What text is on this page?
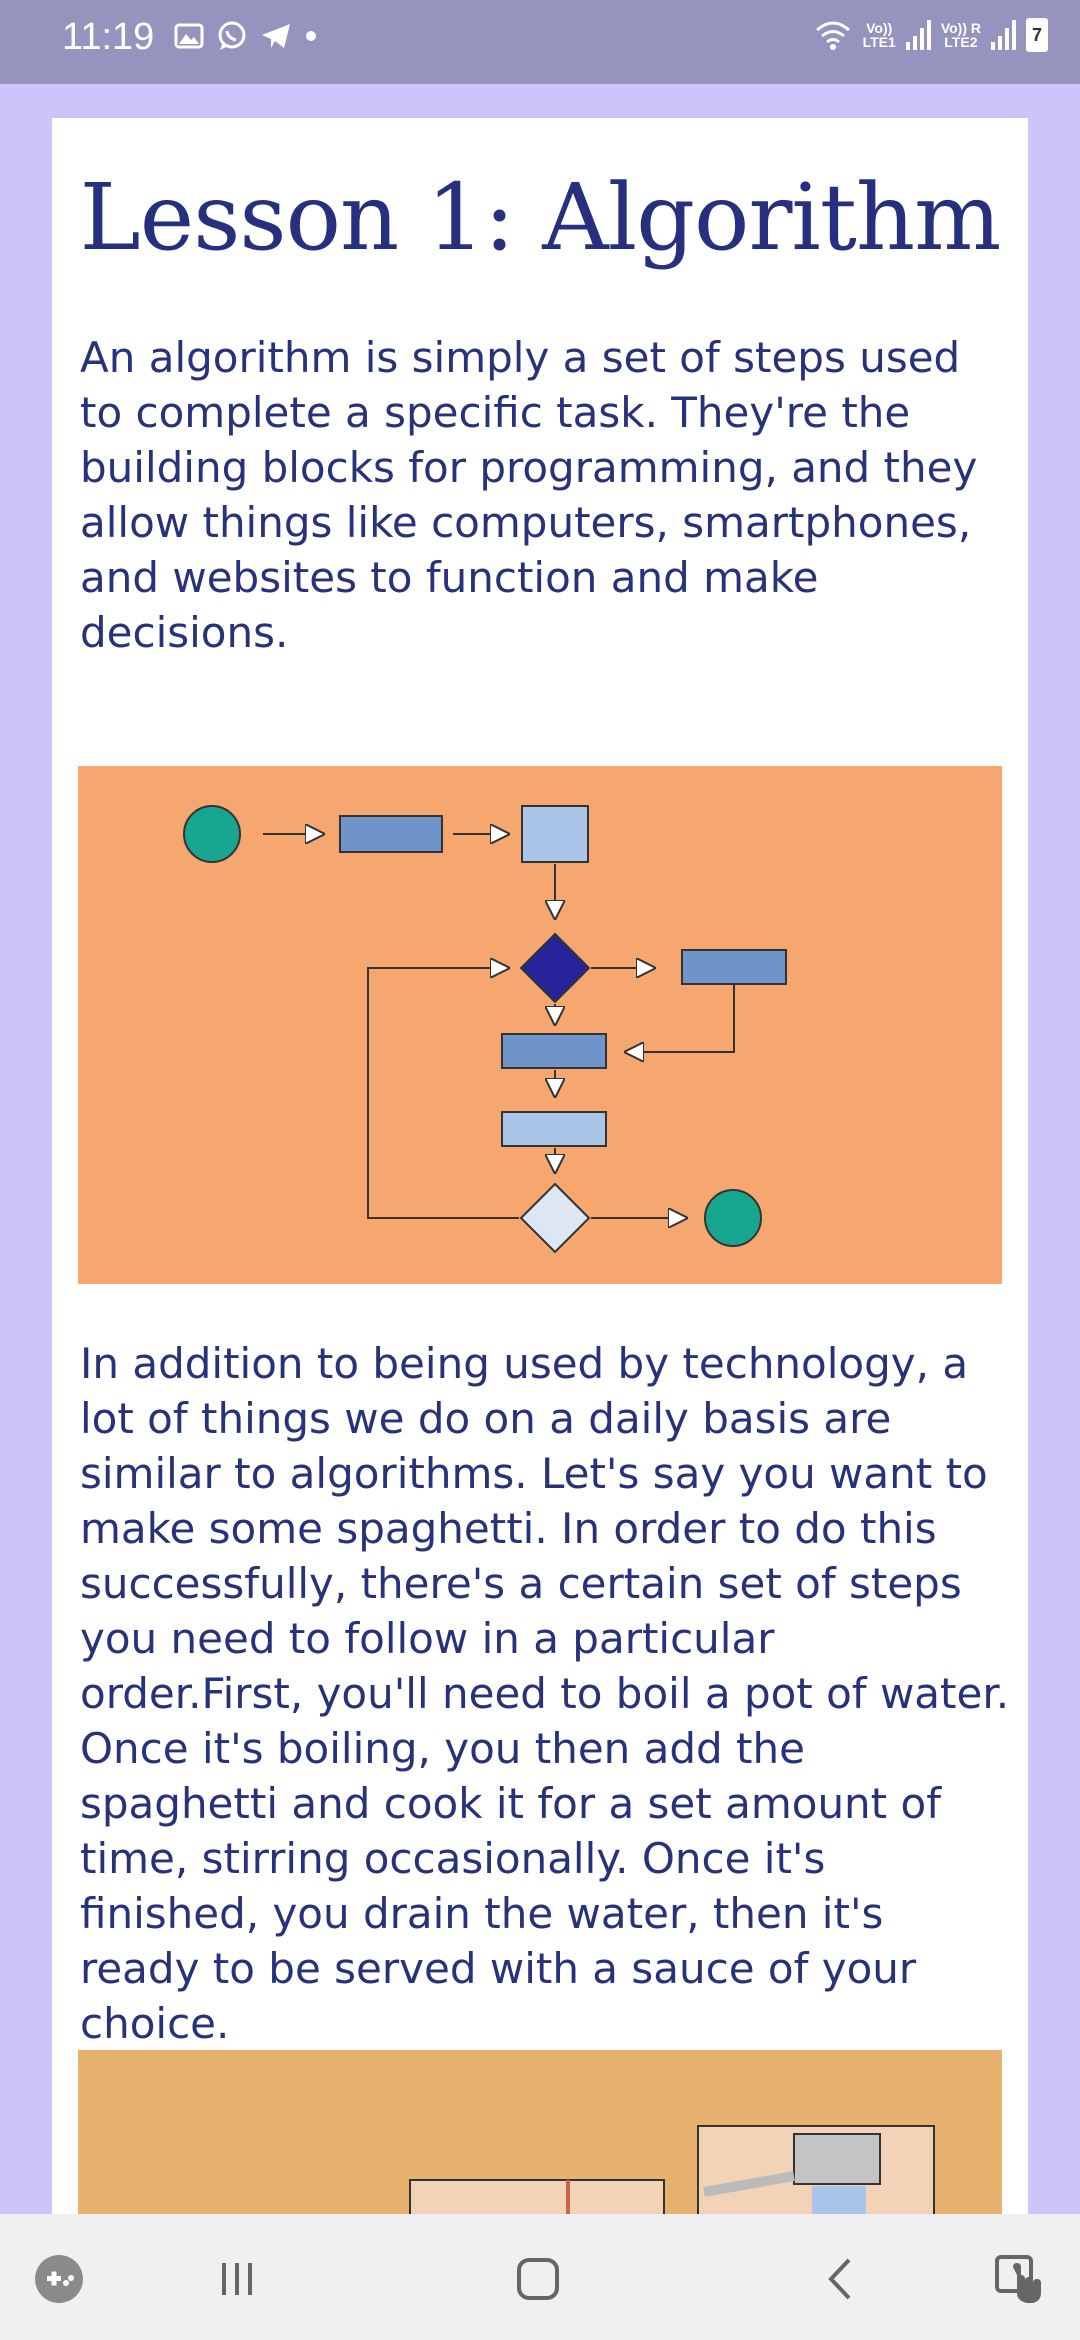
11:19	Vo))
LTE1
Vo)) R
LTE2	7
Lesson 1: Algorithm
An algorithm is simply a set of steps used to complete a specific task. They're the building blocks for programming, and they allow things like computers, smartphones, and websites to function and make decisions.
In addition to being used by technology, a lot of things we do on a daily basis are similar to algorithms. Let's say you want to make some spaghetti. In order to do this successfully, there's a certain set of steps you need to follow in a particular order.First, you'll need to boil a pot of water. Once it's boiling, you then add the spaghetti and cook it for a set amount of time, stirring occasionally. Once it's finished, you drain the water, then it's ready to be served with a sauce of your choice.
